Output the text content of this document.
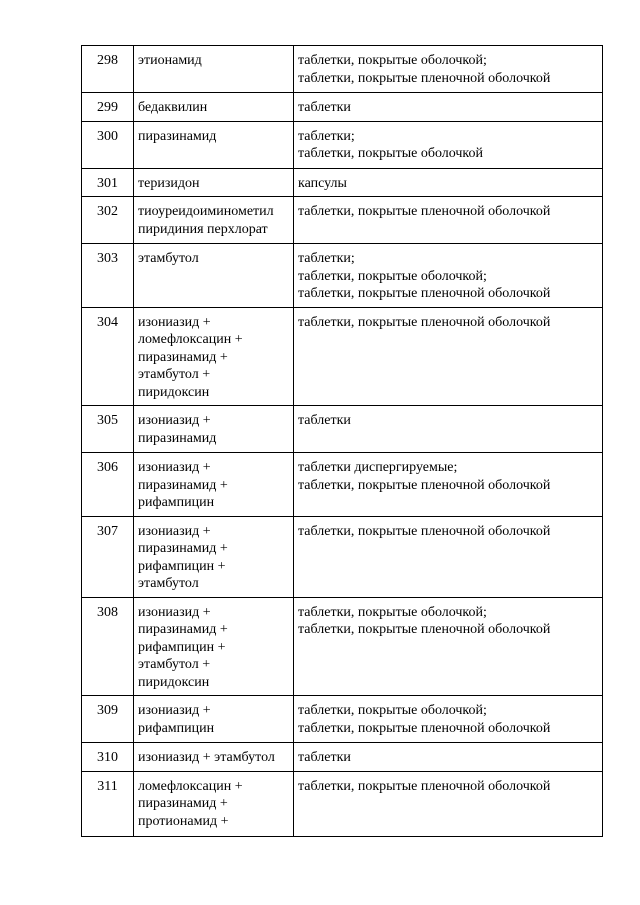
298	этионамид	таблетки, покрытые оболочкой;
таблетки, покрытые пленочной оболочкой

299	бедаквилин	таблетки

300	пиразинамид	таблетки;
таблетки, покрытые оболочкой

301	теризидон	капсулы

302	тиоуреидоиминометил
пиридиния перхлорат	таблетки, покрытые пленочной оболочкой

303	этамбутол	таблетки;
таблетки, покрытые оболочкой;
таблетки, покрытые пленочной оболочкой

304	изониазид +
ломефлоксацин +
пиразинамид +
этамбутол +
пиридоксин	таблетки, покрытые пленочной оболочкой

305	изониазид +
пиразинамид	таблетки

306	изониазид +
пиразинамид +
рифампицин	таблетки диспергируемые;
таблетки, покрытые пленочной оболочкой

307	изониазид +
пиразинамид +
рифампицин +
этамбутол	таблетки, покрытые пленочной оболочкой

308	изониазид +
пиразинамид +
рифампицин +
этамбутол +
пиридоксин	таблетки, покрытые оболочкой;
таблетки, покрытые пленочной оболочкой

309	изониазид +
рифампицин	таблетки, покрытые оболочкой;
таблетки, покрытые пленочной оболочкой

310	изониазид + этамбутол	таблетки

311	ломефлоксацин +
пиразинамид +
протионамид +	таблетки, покрытые пленочной оболочкой
